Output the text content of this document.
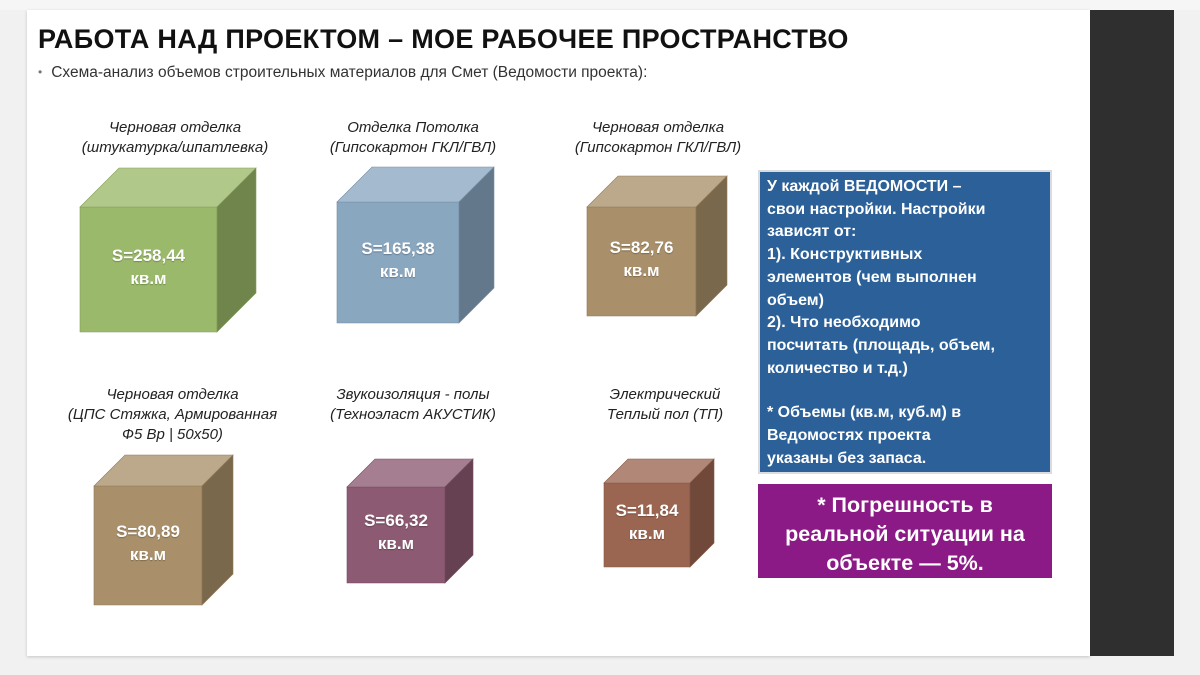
РАБОТА НАД ПРОЕКТОМ – МОЕ РАБОЧЕЕ ПРОСТРАНСТВО
• Схема-анализ объемов строительных материалов для Смет (Ведомости проекта):
Черновая отделка
(штукатурка/шпатлевка)
S=258,44
кв.м
Отделка Потолка
(Гипсокартон ГКЛ/ГВЛ)
S=165,38
кв.м
Черновая отделка
(Гипсокартон ГКЛ/ГВЛ)
S=82,76
кв.м
Черновая отделка
(ЦПС Стяжка, Армированная
Ф5 Вр | 50х50)
S=80,89
кв.м
Звукоизоляция - полы
(Техноэласт АКУСТИК)
S=66,32
кв.м
Электрический
Теплый пол (ТП)
S=11,84
кв.м
У каждой ВЕДОМОСТИ –
свои настройки. Настройки
зависят от:
1). Конструктивных
элементов (чем выполнен
объем)
2). Что необходимо
посчитать (площадь, объем,
количество и т.д.)
* Объемы (кв.м, куб.м) в
Ведомостях проекта
указаны без запаса.
* Погрешность в
реальной ситуации на
объекте — 5%.
